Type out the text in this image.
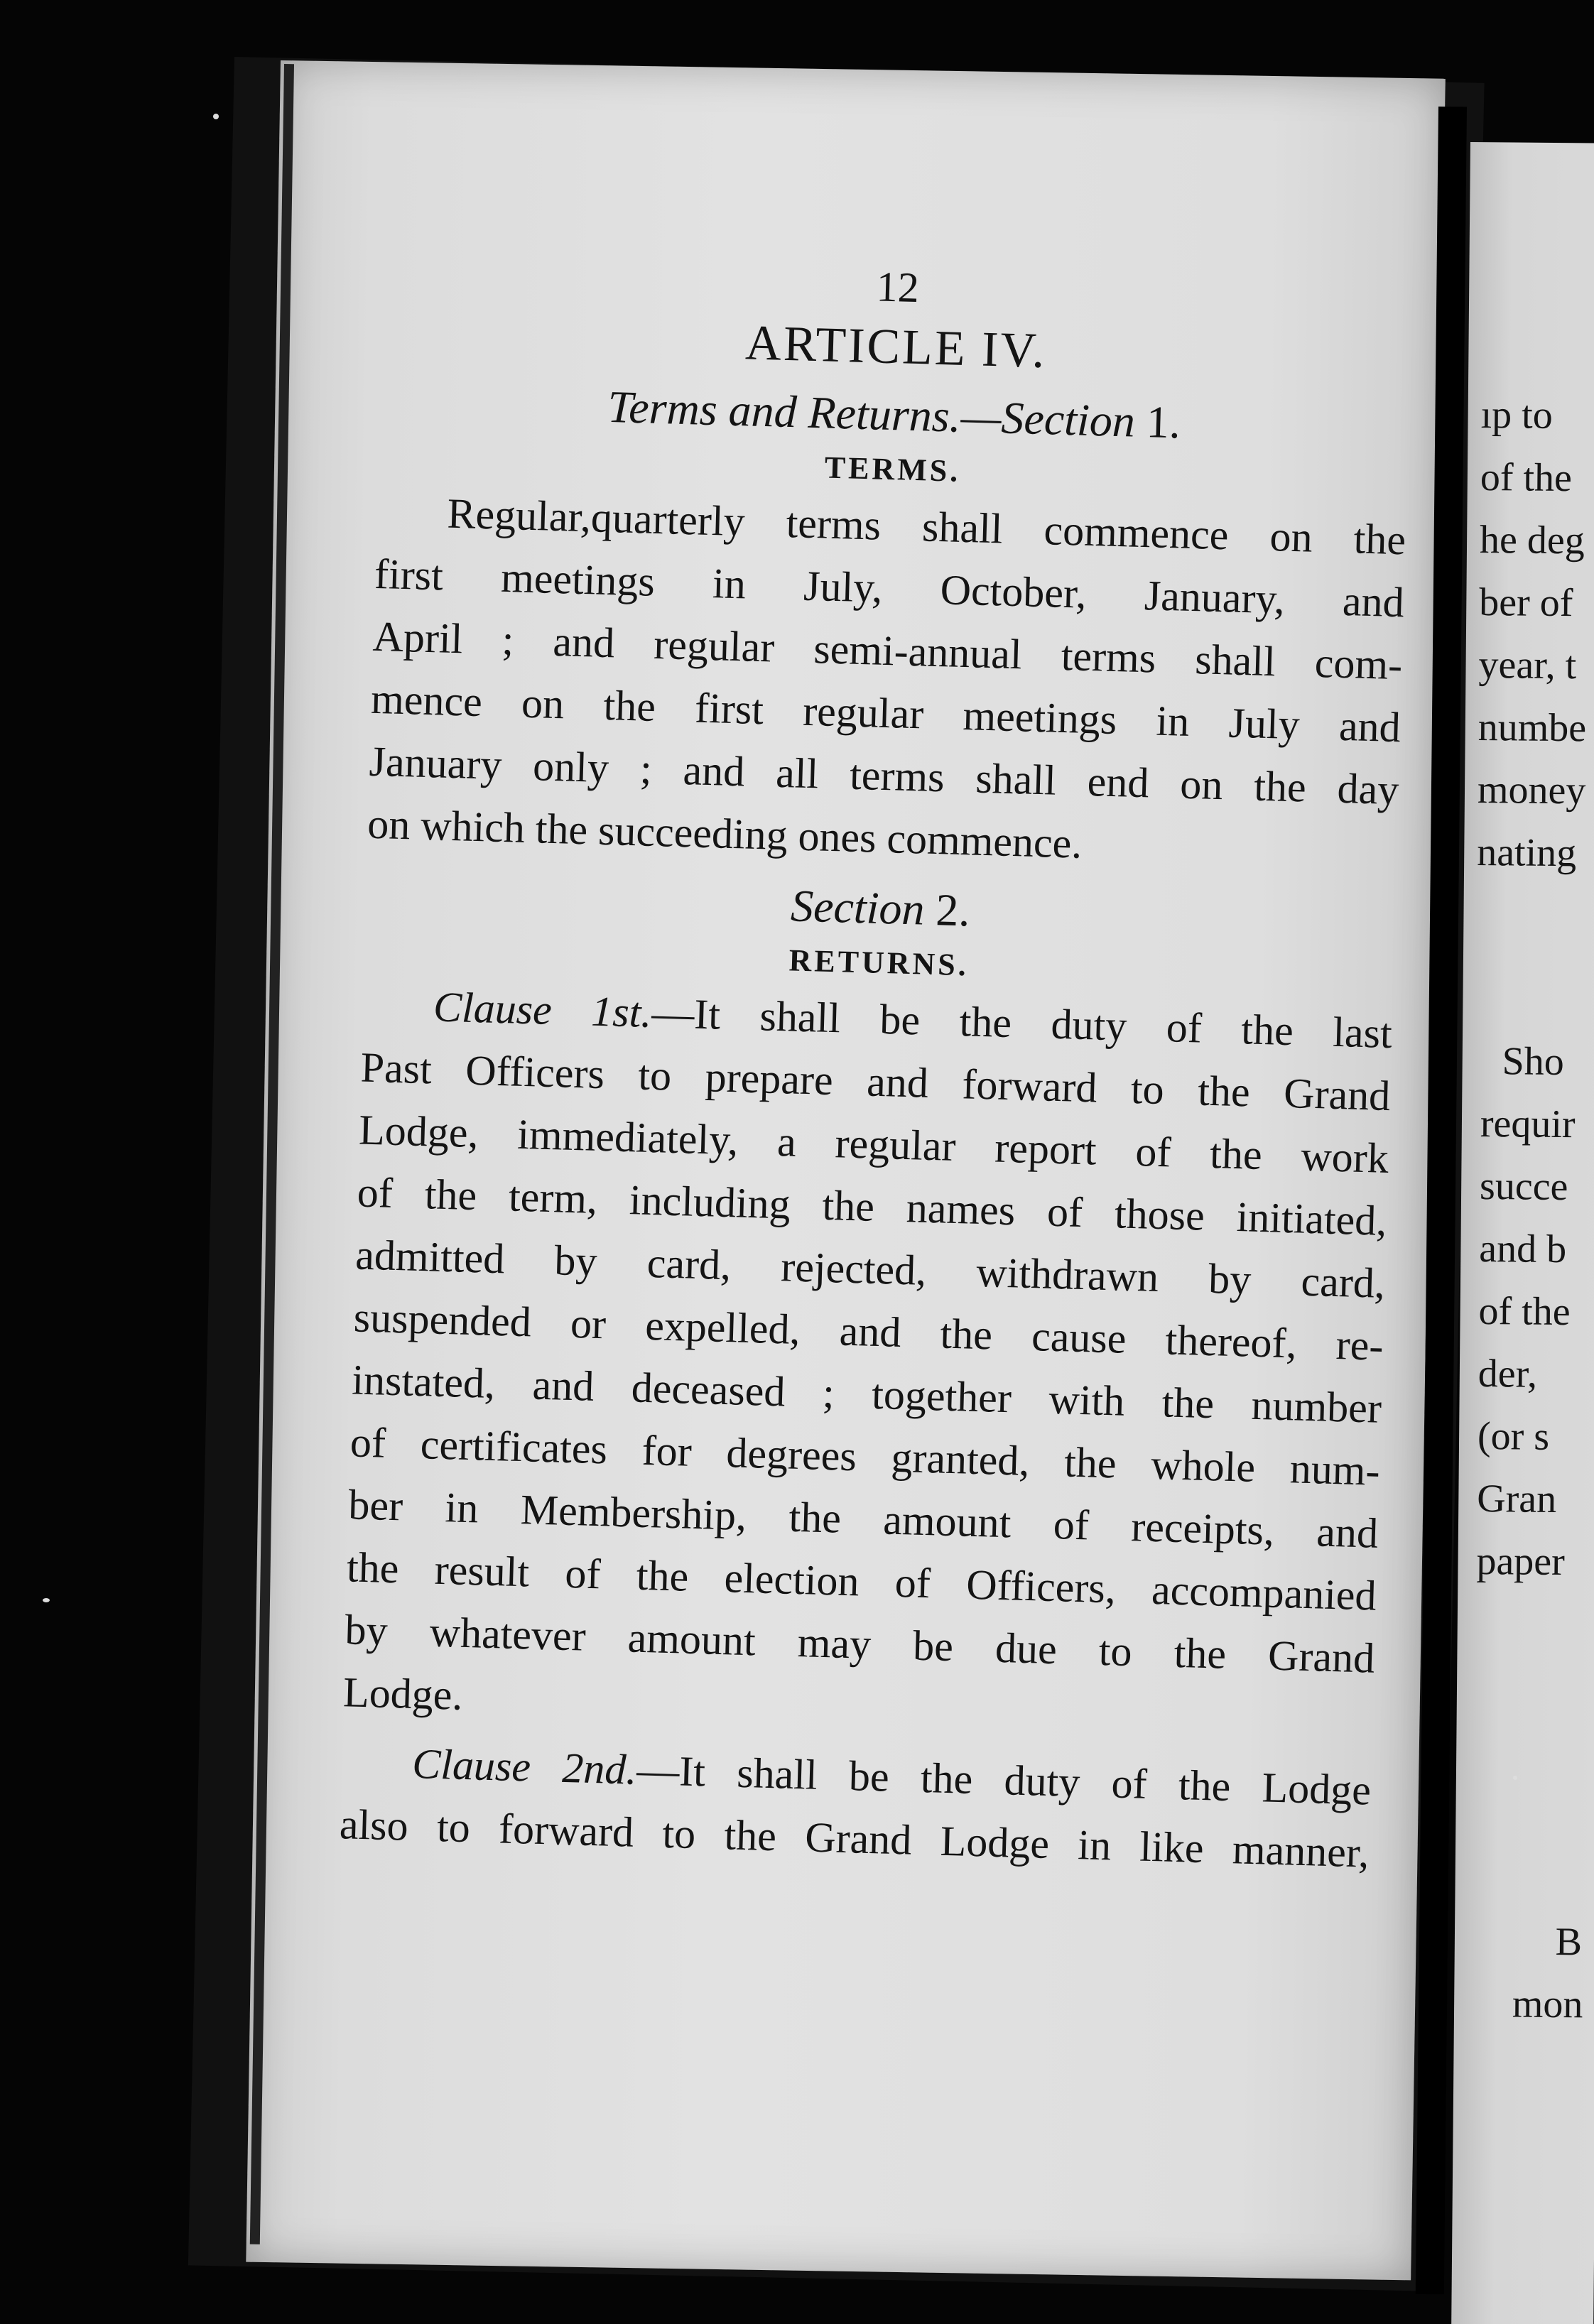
12
ARTICLE IV.
Terms and Returns.—Section 1.
TERMS.
Regular,quarterly terms shall commence on the
first meetings in July, October, January, and
April ; and regular semi-annual terms shall com-
mence on the first regular meetings in July and
January only ; and all terms shall end on the day
on which the succeeding ones commence.
Section 2.
RETURNS.
Clause 1st.—It shall be the duty of the last
Past Officers to prepare and forward to the Grand
Lodge, immediately, a regular report of the work
of the term, including the names of those initiated,
admitted by card, rejected, withdrawn by card,
suspended or expelled, and the cause thereof, re-
instated, and deceased ; together with the number
of certificates for degrees granted, the whole num-
ber in Membership, the amount of receipts, and
the result of the election of Officers, accompanied
by whatever amount may be due to the Grand
Lodge.
Clause 2nd.—It shall be the duty of the Lodge
also to forward to the Grand Lodge in like manner,
ıp to
of the
he deg
ber of
year, t
numbe
money
nating
Sho
requir
succe
and b
of the
der,
(or s
Gran
paper
B
mon
